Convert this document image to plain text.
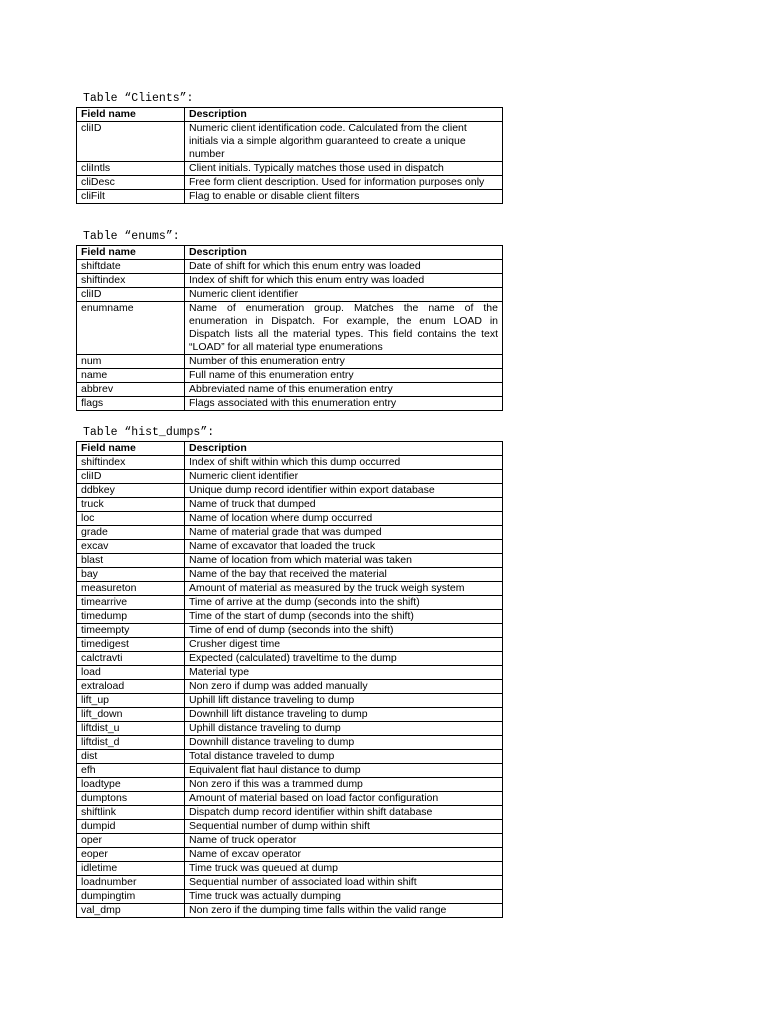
Table “Clients”:
Field name	Description
cliID	Numeric client identification code. Calculated from the client initials via a simple algorithm guaranteed to create a unique number
cliIntls	Client initials. Typically matches those used in dispatch
cliDesc	Free form client description. Used for information purposes only
cliFilt	Flag to enable or disable client filters
Table “enums”:
Field name	Description
shiftdate	Date of shift for which this enum entry was loaded
shiftindex	Index of shift for which this enum entry was loaded
cliID	Numeric client identifier
enumname	Name of enumeration group. Matches the name of the enumeration in Dispatch. For example, the enum LOAD in Dispatch lists all the material types. This field contains the text “LOAD” for all material type enumerations
num	Number of this enumeration entry
name	Full name of this enumeration entry
abbrev	Abbreviated name of this enumeration entry
flags	Flags associated with this enumeration entry
Table “hist_dumps”:
Field name	Description
shiftindex	Index of shift within which this dump occurred
cliID	Numeric client identifier
ddbkey	Unique dump record identifier within export database
truck	Name of truck that dumped
loc	Name of location where dump occurred
grade	Name of material grade that was dumped
excav	Name of excavator that loaded the truck
blast	Name of location from which material was taken
bay	Name of the bay that received the material
measureton	Amount of material as measured by the truck weigh system
timearrive	Time of arrive at the dump (seconds into the shift)
timedump	Time of the start of dump (seconds into the shift)
timeempty	Time of end of dump (seconds into the shift)
timedigest	Crusher digest time
calctravti	Expected (calculated) traveltime to the dump
load	Material type
extraload	Non zero if dump was added manually
lift_up	Uphill lift distance traveling to dump
lift_down	Downhill lift distance traveling to dump
liftdist_u	Uphill distance traveling to dump
liftdist_d	Downhill distance traveling to dump
dist	Total distance traveled to dump
efh	Equivalent flat haul distance to dump
loadtype	Non zero if this was a trammed dump
dumptons	Amount of material based on load factor configuration
shiftlink	Dispatch dump record identifier within shift database
dumpid	Sequential number of dump within shift
oper	Name of truck operator
eoper	Name of excav operator
idletime	Time truck was queued at dump
loadnumber	Sequential number of associated load within shift
dumpingtim	Time truck was actually dumping
val_dmp	Non zero if the dumping time falls within the valid range
